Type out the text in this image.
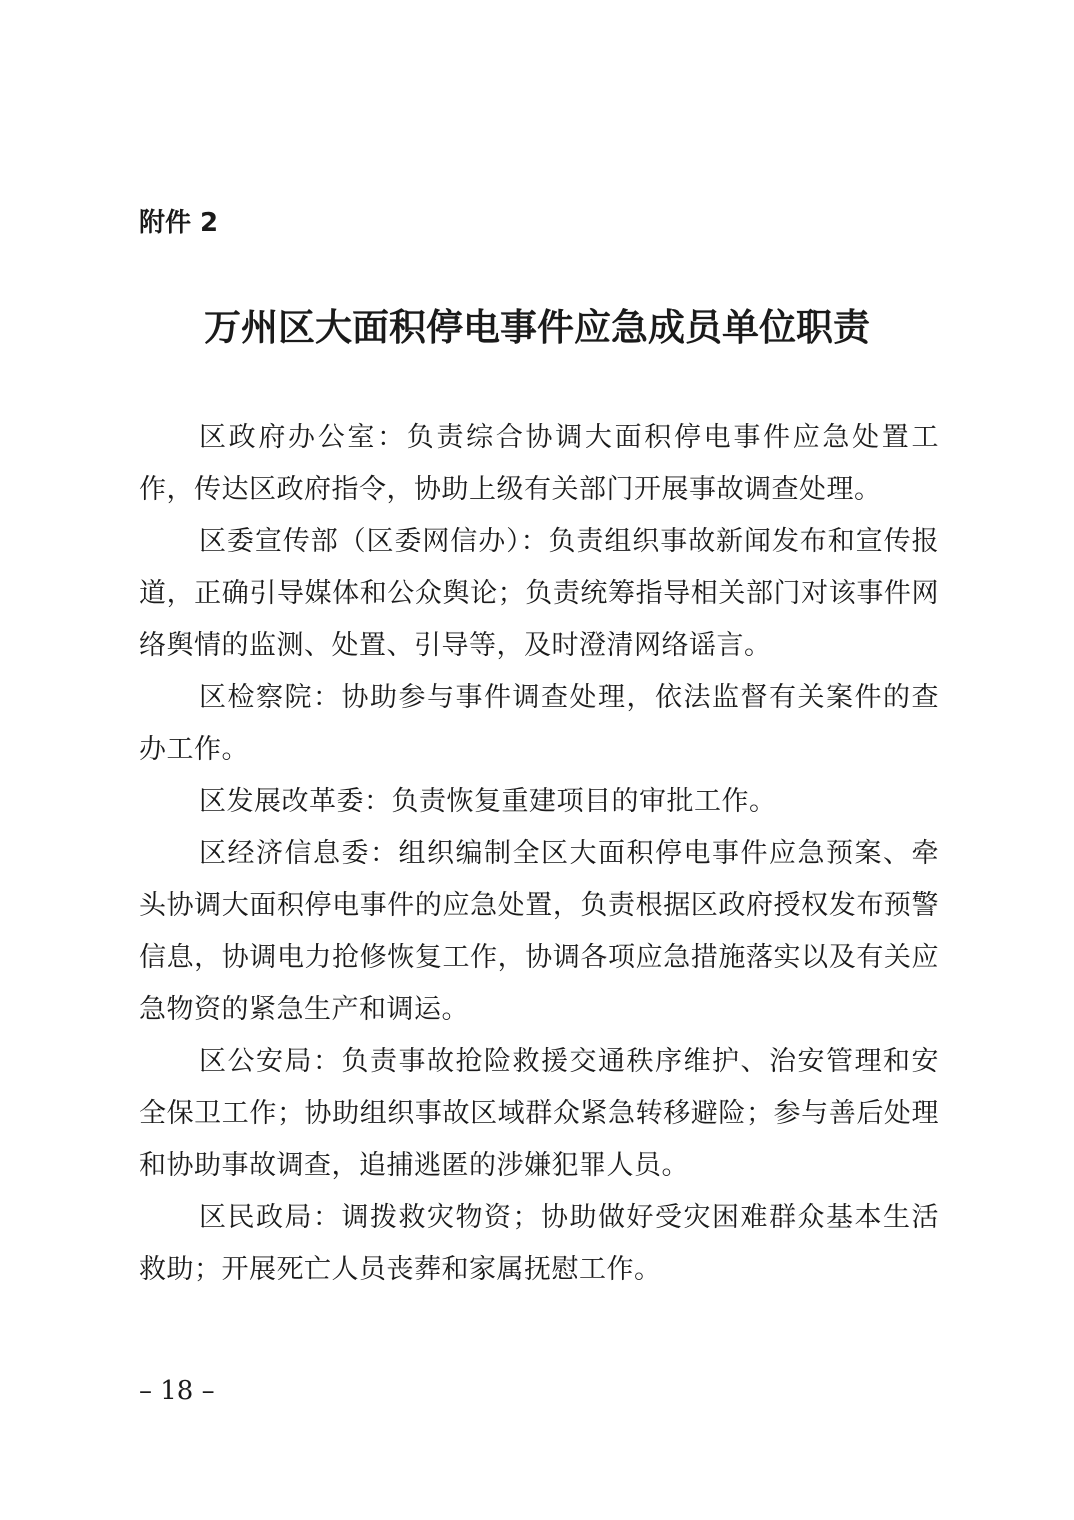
附件 2

万州区大面积停电事件应急成员单位职责

区政府办公室：负责综合协调大面积停电事件应急处置工作，传达区政府指令，协助上级有关部门开展事故调查处理。

区委宣传部（区委网信办）：负责组织事故新闻发布和宣传报道，正确引导媒体和公众舆论；负责统筹指导相关部门对该事件网络舆情的监测、处置、引导等，及时澄清网络谣言。

区检察院：协助参与事件调查处理，依法监督有关案件的查办工作。

区发展改革委：负责恢复重建项目的审批工作。

区经济信息委：组织编制全区大面积停电事件应急预案、牵头协调大面积停电事件的应急处置，负责根据区政府授权发布预警信息，协调电力抢修恢复工作，协调各项应急措施落实以及有关应急物资的紧急生产和调运。

区公安局：负责事故抢险救援交通秩序维护、治安管理和安全保卫工作；协助组织事故区域群众紧急转移避险；参与善后处理和协助事故调查，追捕逃匿的涉嫌犯罪人员。

区民政局：调拨救灾物资；协助做好受灾困难群众基本生活救助；开展死亡人员丧葬和家属抚慰工作。

– 18 –
